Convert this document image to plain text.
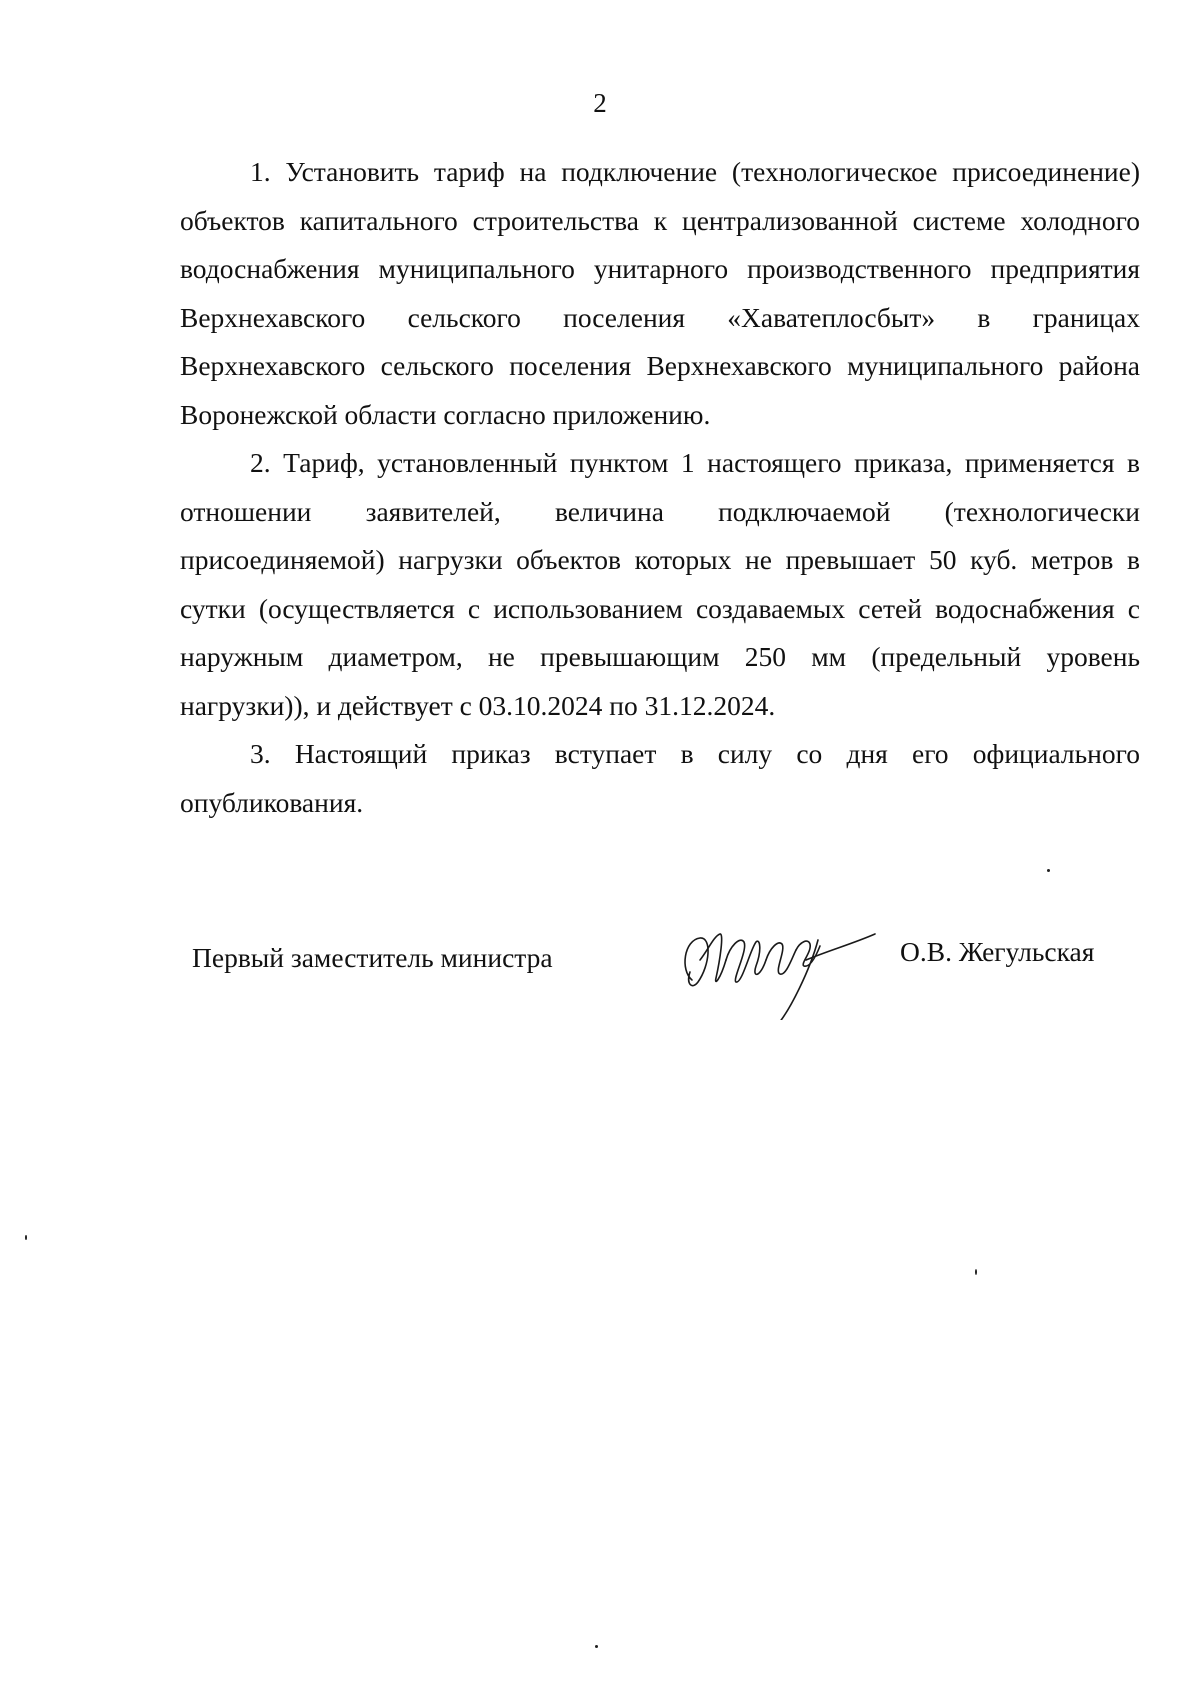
2

1. Установить тариф на подключение (технологическое присоединение) объектов капитального строительства к централизованной системе холодного водоснабжения муниципального унитарного производственного предприятия Верхнехавского сельского поселения «Хаватеплосбыт» в границах Верхнехавского сельского поселения Верхнехавского муниципального района Воронежской области согласно приложению.

2. Тариф, установленный пунктом 1 настоящего приказа, применяется в отношении заявителей, величина подключаемой (технологически присоединяемой) нагрузки объектов которых не превышает 50 куб. метров в сутки (осуществляется с использованием создаваемых сетей водоснабжения с наружным диаметром, не превышающим 250 мм (предельный уровень нагрузки)), и действует с 03.10.2024 по 31.12.2024.

3. Настоящий приказ вступает в силу со дня его официального опубликования.

Первый заместитель министра	О.В. Жегульская
